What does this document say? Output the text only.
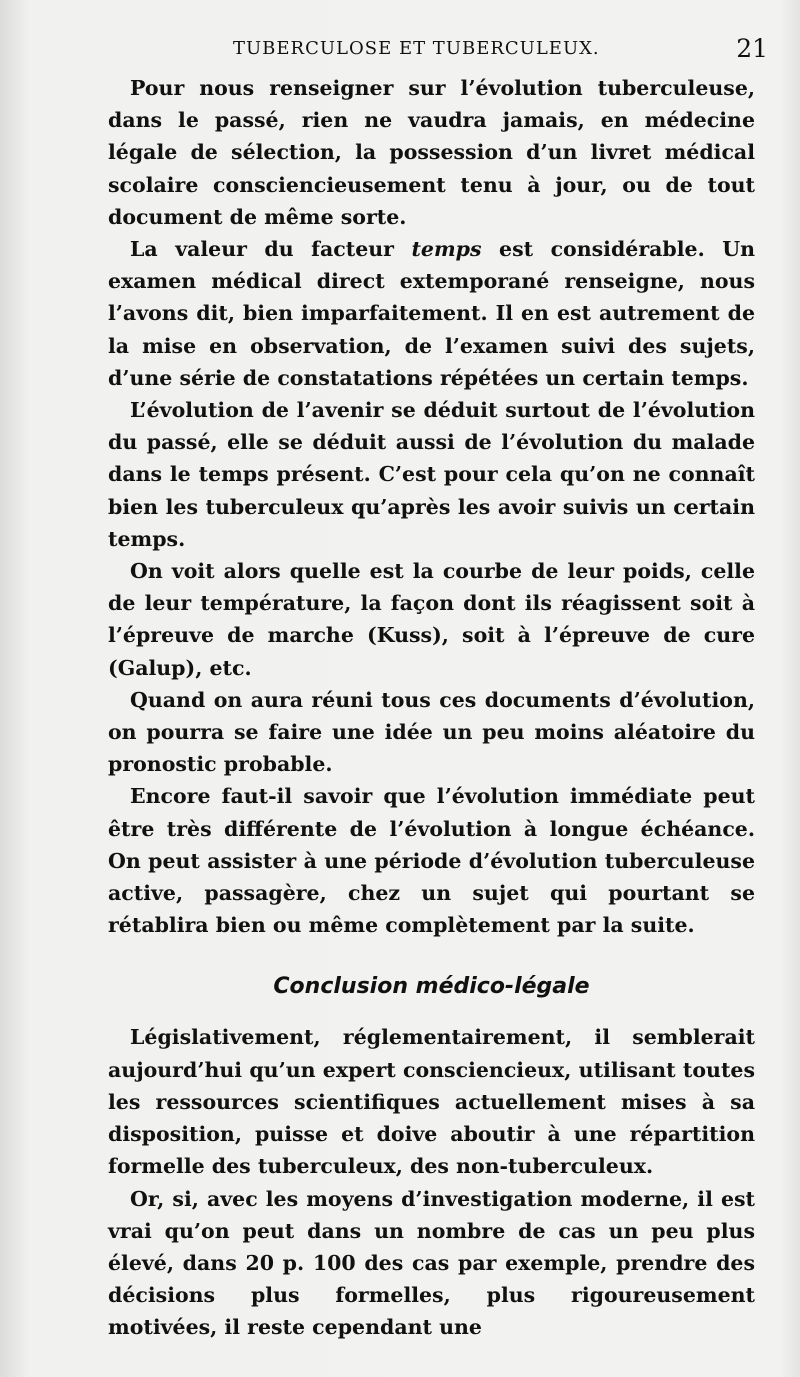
TUBERCULOSE ET TUBERCULEUX.	21

Pour nous renseigner sur l’évolution tuberculeuse, dans le passé, rien ne vaudra jamais, en médecine légale de sélection, la possession d’un livret médical scolaire consciencieusement tenu à jour, ou de tout document de même sorte.

La valeur du facteur temps est considérable. Un examen médical direct extemporané renseigne, nous l’avons dit, bien imparfaitement. Il en est autrement de la mise en observation, de l’examen suivi des sujets, d’une série de constatations répétées un certain temps.

L’évolution de l’avenir se déduit surtout de l’évolution du passé, elle se déduit aussi de l’évolution du malade dans le temps présent. C’est pour cela qu’on ne connaît bien les tuberculeux qu’après les avoir suivis un certain temps.

On voit alors quelle est la courbe de leur poids, celle de leur température, la façon dont ils réagissent soit à l’épreuve de marche (Kuss), soit à l’épreuve de cure (Galup), etc.

Quand on aura réuni tous ces documents d’évolution, on pourra se faire une idée un peu moins aléatoire du pronostic probable.

Encore faut-il savoir que l’évolution immédiate peut être très différente de l’évolution à longue échéance. On peut assister à une période d’évolution tuberculeuse active, passagère, chez un sujet qui pourtant se rétablira bien ou même complètement par la suite.

Conclusion médico-légale

Législativement, réglementairement, il semblerait aujourd’hui qu’un expert consciencieux, utilisant toutes les ressources scientifiques actuellement mises à sa disposition, puisse et doive aboutir à une répartition formelle des tuberculeux, des non-tuberculeux.

Or, si, avec les moyens d’investigation moderne, il est vrai qu’on peut dans un nombre de cas un peu plus élevé, dans 20 p. 100 des cas par exemple, prendre des décisions plus formelles, plus rigoureusement motivées, il reste cependant une
